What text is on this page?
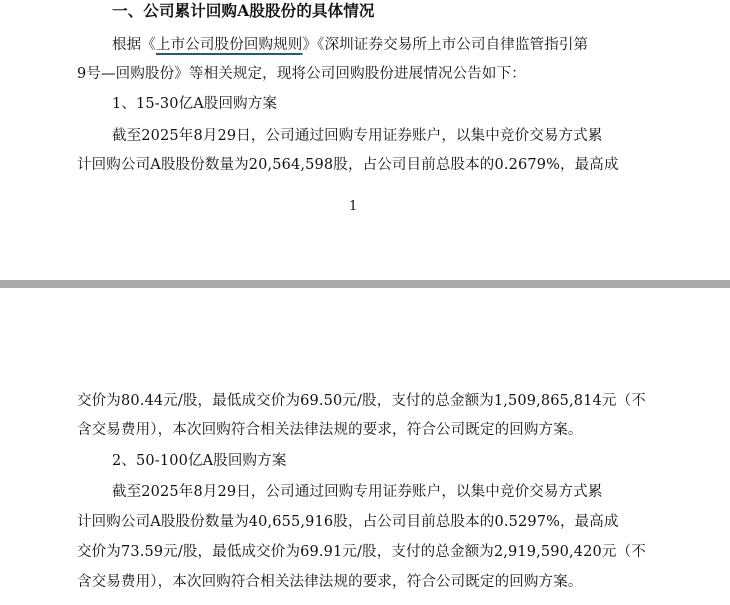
一、公司累计回购A股股份的具体情况
根据《上市公司股份回购规则》《深圳证券交易所上市公司自律监管指引第
9号—回购股份》等相关规定，现将公司回购股份进展情况公告如下：
1、15-30亿A股回购方案
截至2025年8月29日，公司通过回购专用证券账户，以集中竞价交易方式累
计回购公司A股股份数量为20,564,598股，占公司目前总股本的0.2679%，最高成
1
交价为80.44元/股，最低成交价为69.50元/股，支付的总金额为1,509,865,814元（不
含交易费用），本次回购符合相关法律法规的要求，符合公司既定的回购方案。
2、50-100亿A股回购方案
截至2025年8月29日，公司通过回购专用证券账户，以集中竞价交易方式累
计回购公司A股股份数量为40,655,916股，占公司目前总股本的0.5297%，最高成
交价为73.59元/股，最低成交价为69.91元/股，支付的总金额为2,919,590,420元（不
含交易费用），本次回购符合相关法律法规的要求，符合公司既定的回购方案。
